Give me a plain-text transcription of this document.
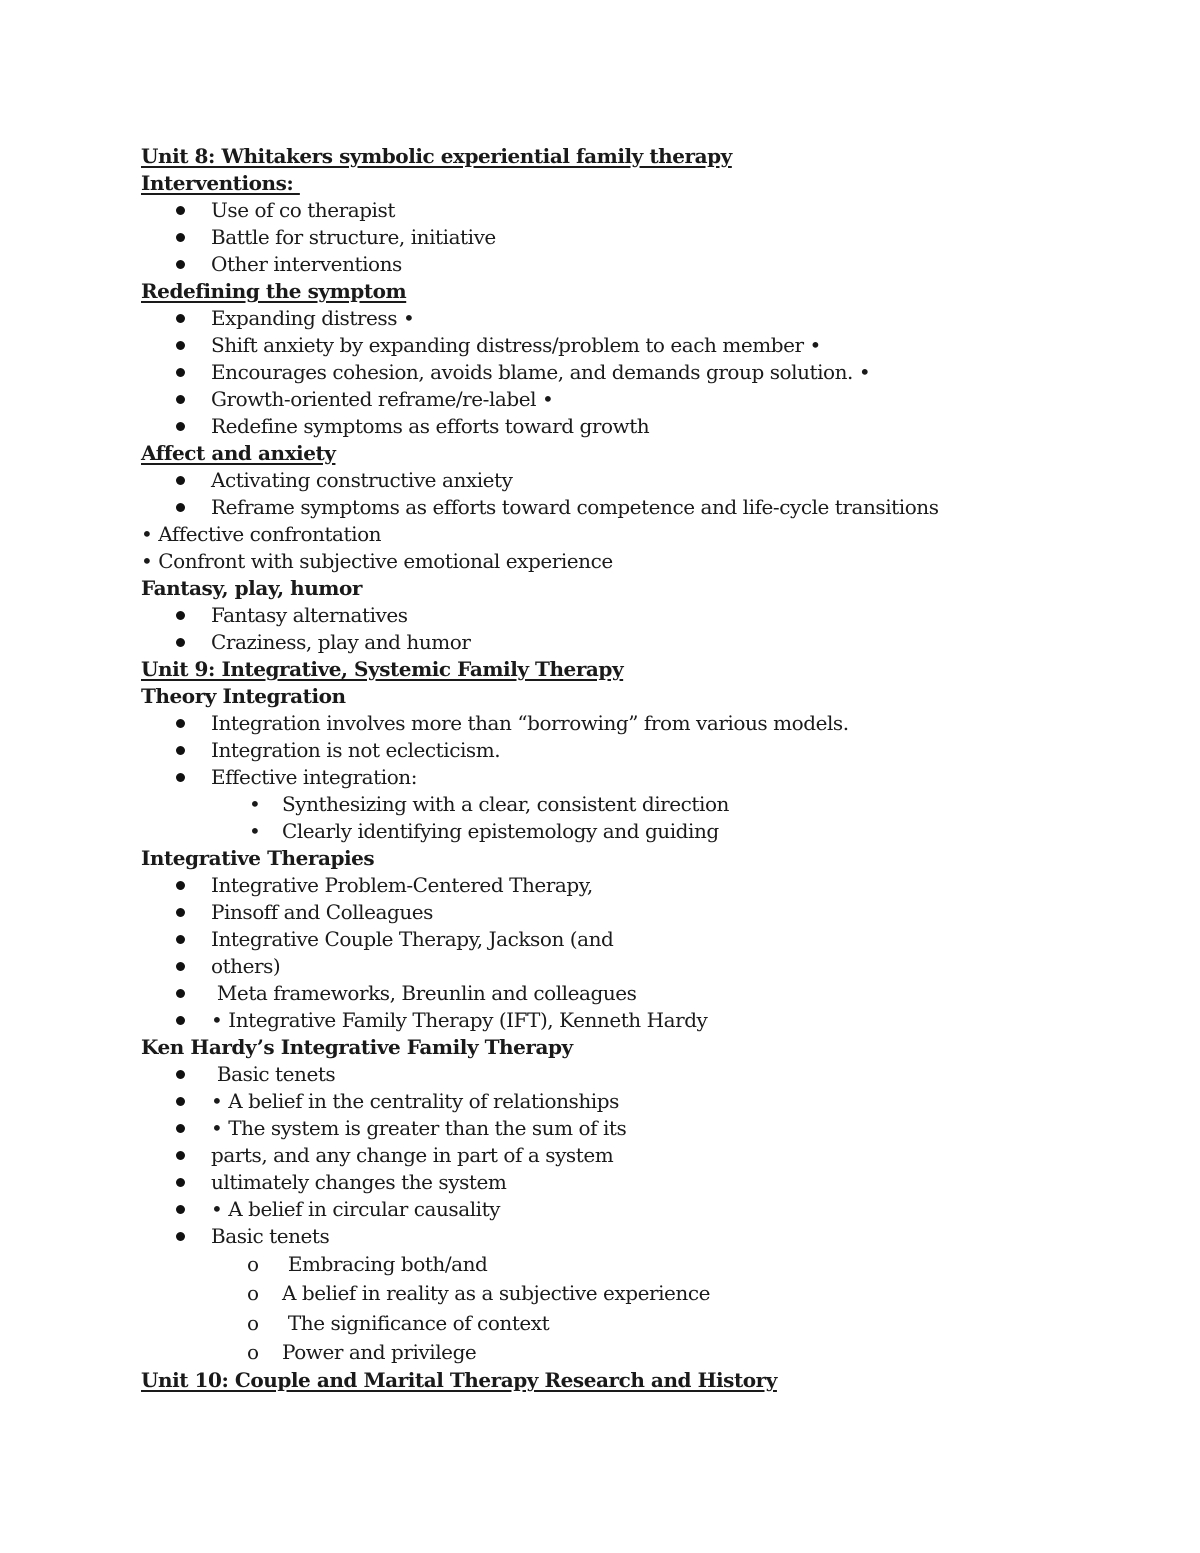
Unit 8: Whitakers symbolic experiential family therapy
Interventions:
Use of co therapist
Battle for structure, initiative
Other interventions
Redefining the symptom
Expanding distress •
Shift anxiety by expanding distress/problem to each member •
Encourages cohesion, avoids blame, and demands group solution. •
Growth-oriented reframe/re-label •
Redefine symptoms as efforts toward growth
Affect and anxiety
Activating constructive anxiety
Reframe symptoms as efforts toward competence and life-cycle transitions
• Affective confrontation
• Confront with subjective emotional experience
Fantasy, play, humor
Fantasy alternatives
Craziness, play and humor
Unit 9: Integrative, Systemic Family Therapy
Theory Integration
Integration involves more than “borrowing” from various models.
Integration is not eclecticism.
Effective integration:
• Synthesizing with a clear, consistent direction
• Clearly identifying epistemology and guiding
Integrative Therapies
Integrative Problem-Centered Therapy,
Pinsoff and Colleagues
Integrative Couple Therapy, Jackson (and
others)
Meta frameworks, Breunlin and colleagues
• Integrative Family Therapy (IFT), Kenneth Hardy
Ken Hardy’s Integrative Family Therapy
Basic tenets
• A belief in the centrality of relationships
• The system is greater than the sum of its
parts, and any change in part of a system
ultimately changes the system
• A belief in circular causality
Basic tenets
o Embracing both/and
o A belief in reality as a subjective experience
o The significance of context
o Power and privilege
Unit 10: Couple and Marital Therapy Research and History
